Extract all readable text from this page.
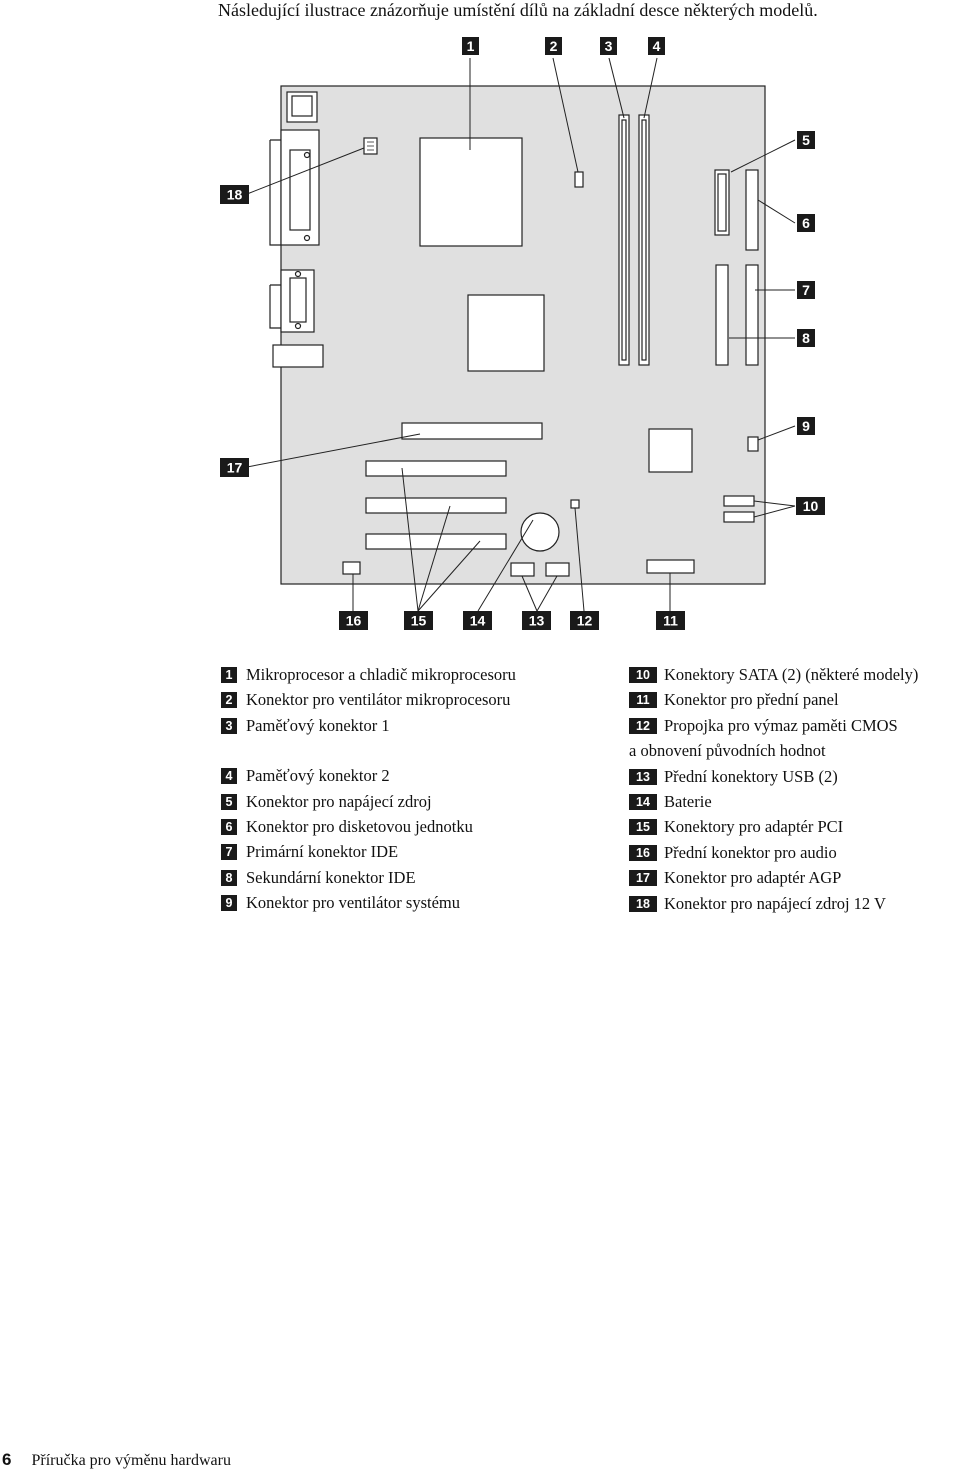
Následující ilustrace znázorňuje umístění dílů na základní desce některých modelů.

1	2	3	4
5
6
7
8
9
10
11
12
13
14
15
16
17
18
1 Mikroprocesor a chladič mikroprocesoru
2 Konektor pro ventilátor mikroprocesoru
3 Paměťový konektor 1
4 Paměťový konektor 2
5 Konektor pro napájecí zdroj
6 Konektor pro disketovou jednotku
7 Primární konektor IDE
8 Sekundární konektor IDE
9 Konektor pro ventilátor systému
10 Konektory SATA (2) (některé modely)
11 Konektor pro přední panel
12 Propojka pro výmaz paměti CMOS
a obnovení původních hodnot
13 Přední konektory USB (2)
14 Baterie
15 Konektory pro adaptér PCI
16 Přední konektor pro audio
17 Konektor pro adaptér AGP
18 Konektor pro napájecí zdroj 12 V
6 Příručka pro výměnu hardwaru
